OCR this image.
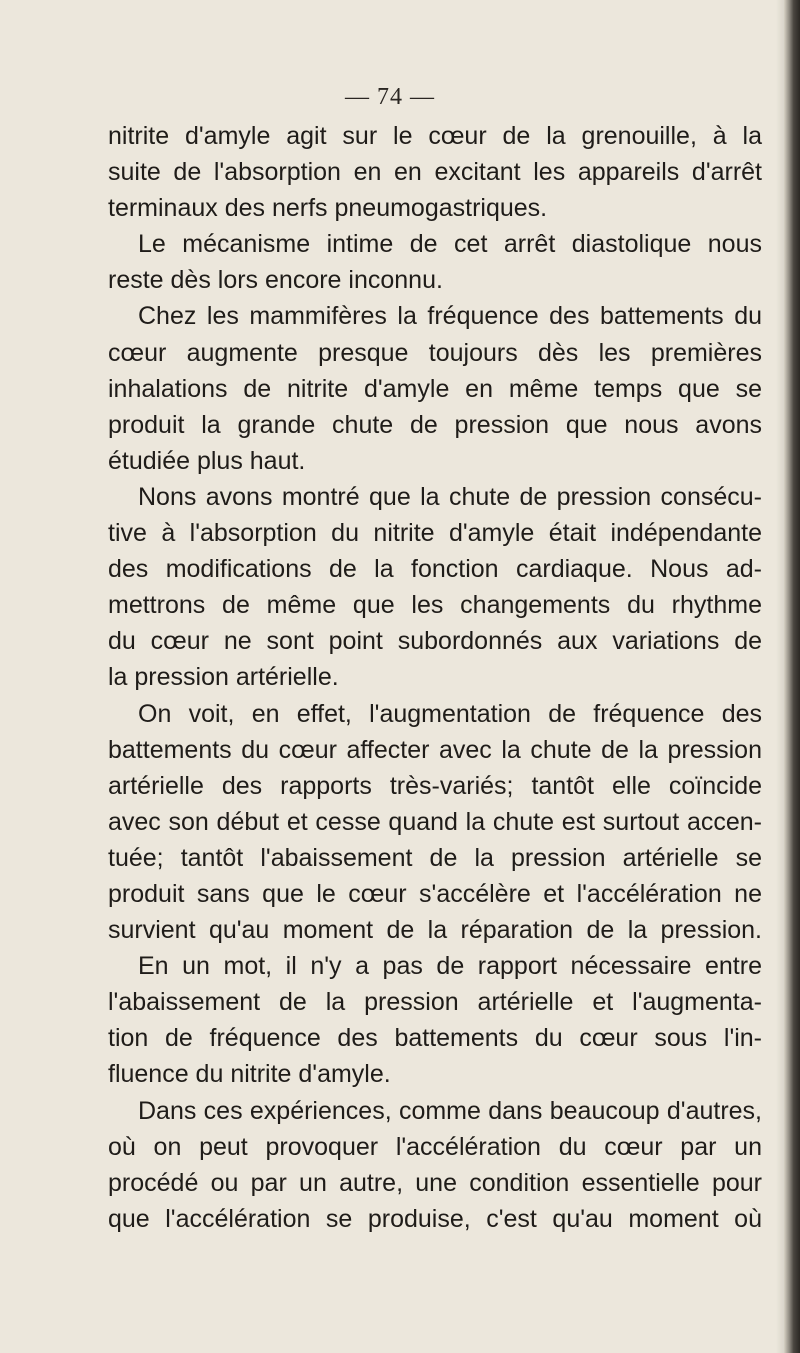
— 74 —
nitrite d'amyle agit sur le cœur de la grenouille, à la
suite de l'absorption en en excitant les appareils d'arrêt
terminaux des nerfs pneumogastriques.
Le mécanisme intime de cet arrêt diastolique nous
reste dès lors encore inconnu.
Chez les mammifères la fréquence des battements du
cœur augmente presque toujours dès les premières
inhalations de nitrite d'amyle en même temps que se
produit la grande chute de pression que nous avons
étudiée plus haut.
Nons avons montré que la chute de pression consécu-
tive à l'absorption du nitrite d'amyle était indépendante
des modifications de la fonction cardiaque. Nous ad-
mettrons de même que les changements du rhythme
du cœur ne sont point subordonnés aux variations de
la pression artérielle.
On voit, en effet, l'augmentation de fréquence des
battements du cœur affecter avec la chute de la pression
artérielle des rapports très-variés; tantôt elle coïncide
avec son début et cesse quand la chute est surtout accen-
tuée; tantôt l'abaissement de la pression artérielle se
produit sans que le cœur s'accélère et l'accélération ne
survient qu'au moment de la réparation de la pression.
En un mot, il n'y a pas de rapport nécessaire entre
l'abaissement de la pression artérielle et l'augmenta-
tion de fréquence des battements du cœur sous l'in-
fluence du nitrite d'amyle.
Dans ces expériences, comme dans beaucoup d'autres,
où on peut provoquer l'accélération du cœur par un
procédé ou par un autre, une condition essentielle pour
que l'accélération se produise, c'est qu'au moment où
